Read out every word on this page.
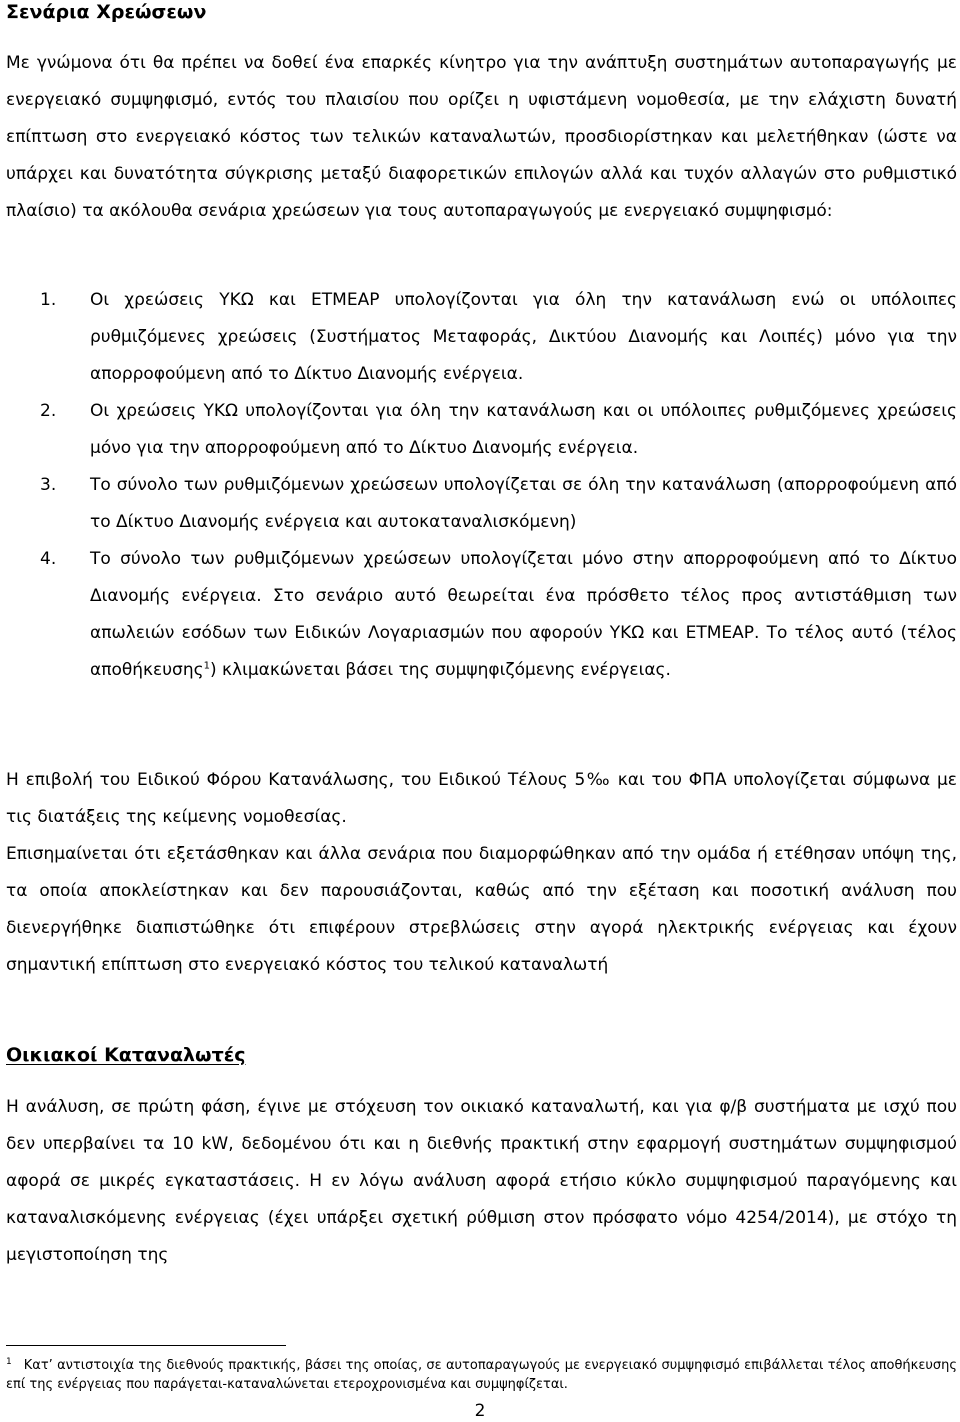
Σενάρια Χρεώσεων

Με γνώμονα ότι θα πρέπει να δοθεί ένα επαρκές κίνητρο για την ανάπτυξη συστημάτων αυτοπαραγωγής με ενεργειακό συμψηφισμό, εντός του πλαισίου που ορίζει η υφιστάμενη νομοθεσία, με την ελάχιστη δυνατή επίπτωση στο ενεργειακό κόστος των τελικών καταναλωτών, προσδιορίστηκαν και μελετήθηκαν (ώστε να υπάρχει και δυνατότητα σύγκρισης μεταξύ διαφορετικών επιλογών αλλά και τυχόν αλλαγών στο ρυθμιστικό πλαίσιο) τα ακόλουθα σενάρια χρεώσεων για τους αυτοπαραγωγούς με ενεργειακό συμψηφισμό:

1.	Οι χρεώσεις ΥΚΩ και ΕΤΜΕΑΡ υπολογίζονται για όλη την κατανάλωση ενώ οι υπόλοιπες ρυθμιζόμενες χρεώσεις (Συστήματος Μεταφοράς, Δικτύου Διανομής και Λοιπές) μόνο για την απορροφούμενη από το Δίκτυο Διανομής ενέργεια.
2.	Οι χρεώσεις ΥΚΩ υπολογίζονται για όλη την κατανάλωση και οι υπόλοιπες ρυθμιζόμενες χρεώσεις μόνο για την απορροφούμενη από το Δίκτυο Διανομής ενέργεια.
3.	Το σύνολο των ρυθμιζόμενων χρεώσεων υπολογίζεται σε όλη την κατανάλωση (απορροφούμενη από το Δίκτυο Διανομής ενέργεια και αυτοκαταναλισκόμενη)
4.	Το σύνολο των ρυθμιζόμενων χρεώσεων υπολογίζεται μόνο στην απορροφούμενη από το Δίκτυο Διανομής ενέργεια. Στο σενάριο αυτό θεωρείται ένα πρόσθετο τέλος προς αντιστάθμιση των απωλειών εσόδων των Ειδικών Λογαριασμών που αφορούν ΥΚΩ και ΕΤΜΕΑΡ. Το τέλος αυτό (τέλος αποθήκευσης$^1$) κλιμακώνεται βάσει της συμψηφιζόμενης ενέργειας.

Η επιβολή του Ειδικού Φόρου Κατανάλωσης, του Ειδικού Τέλους 5‰ και του ΦΠΑ υπολογίζεται σύμφωνα με τις διατάξεις της κείμενης νομοθεσίας.

Επισημαίνεται ότι εξετάσθηκαν και άλλα σενάρια που διαμορφώθηκαν από την ομάδα ή ετέθησαν υπόψη της, τα οποία αποκλείστηκαν και δεν παρουσιάζονται, καθώς από την εξέταση και ποσοτική ανάλυση που διενεργήθηκε διαπιστώθηκε ότι επιφέρουν στρεβλώσεις στην αγορά ηλεκτρικής ενέργειας και έχουν σημαντική επίπτωση στο ενεργειακό κόστος του τελικού καταναλωτή

Οικιακοί Καταναλωτές

Η ανάλυση, σε πρώτη φάση, έγινε με στόχευση τον οικιακό καταναλωτή, και για φ/β συστήματα με ισχύ που δεν υπερβαίνει τα 10 kW, δεδομένου ότι και η διεθνής πρακτική στην εφαρμογή συστημάτων συμψηφισμού αφορά σε μικρές εγκαταστάσεις. Η εν λόγω ανάλυση αφορά ετήσιο κύκλο συμψηφισμού παραγόμενης και καταναλισκόμενης ενέργειας (έχει υπάρξει σχετική ρύθμιση στον πρόσφατο νόμο 4254/2014), με στόχο τη μεγιστοποίηση της

$^1$ Κατ’ αντιστοιχία της διεθνούς πρακτικής, βάσει της οποίας, σε αυτοπαραγωγούς με ενεργειακό συμψηφισμό επιβάλλεται τέλος αποθήκευσης επί της ενέργειας που παράγεται-καταναλώνεται ετεροχρονισμένα και συμψηφίζεται.

2
